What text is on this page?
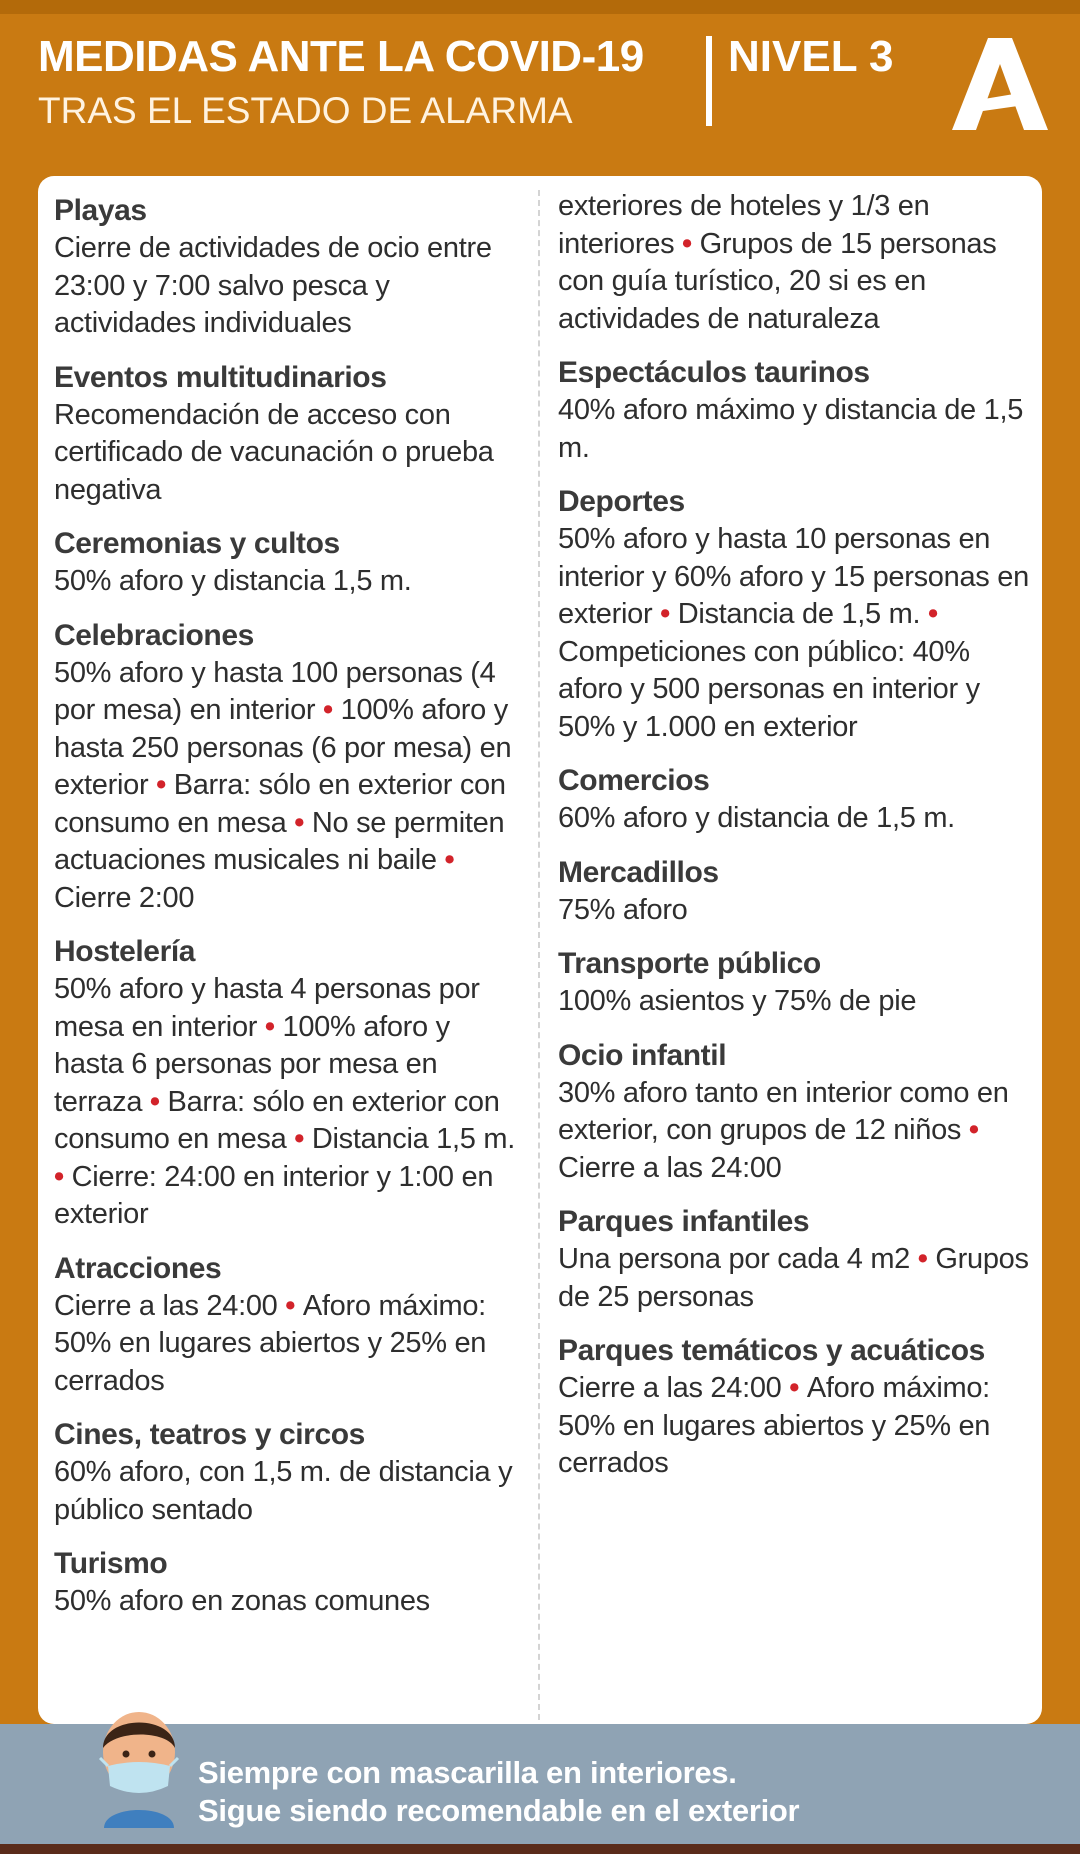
MEDIDAS ANTE LA COVID-19
TRAS EL ESTADO DE ALARMA
NIVEL 3
Playas
Cierre de actividades de ocio entre 23:00 y 7:00 salvo pesca y actividades individuales
Eventos multitudinarios
Recomendación de acceso con certificado de vacunación o prueba negativa
Ceremonias y cultos
50% aforo y distancia 1,5 m.
Celebraciones
50% aforo y hasta 100 personas (4 por mesa) en interior • 100% aforo y hasta 250 personas (6 por mesa) en exterior • Barra: sólo en exterior con consumo en mesa • No se permiten actuaciones musicales ni baile • Cierre 2:00
Hostelería
50% aforo y hasta 4 personas por mesa en interior • 100% aforo y hasta 6 personas por mesa en terraza • Barra: sólo en exterior con consumo en mesa • Distancia 1,5 m. • Cierre: 24:00 en interior y 1:00 en exterior
Atracciones
Cierre a las 24:00 • Aforo máximo: 50% en lugares abiertos y 25% en cerrados
Cines, teatros y circos
60% aforo, con 1,5 m. de distancia y público sentado
Turismo
50% aforo en zonas comunes
exteriores de hoteles y 1/3 en interiores • Grupos de 15 personas con guía turístico, 20 si es en actividades de naturaleza
Espectáculos taurinos
40% aforo máximo y distancia de 1,5 m.
Deportes
50% aforo y hasta 10 personas en interior y 60% aforo y 15 personas en exterior • Distancia de 1,5 m. • Competiciones con público: 40% aforo y 500 personas en interior y 50% y 1.000 en exterior
Comercios
60% aforo y distancia de 1,5 m.
Mercadillos
75% aforo
Transporte público
100% asientos y 75% de pie
Ocio infantil
30% aforo tanto en interior como en exterior, con grupos de 12 niños • Cierre a las 24:00
Parques infantiles
Una persona por cada 4 m2 • Grupos de 25 personas
Parques temáticos y acuáticos
Cierre a las 24:00 • Aforo máximo: 50% en lugares abiertos y 25% en cerrados
Siempre con mascarilla en interiores.
Sigue siendo recomendable en el exterior
